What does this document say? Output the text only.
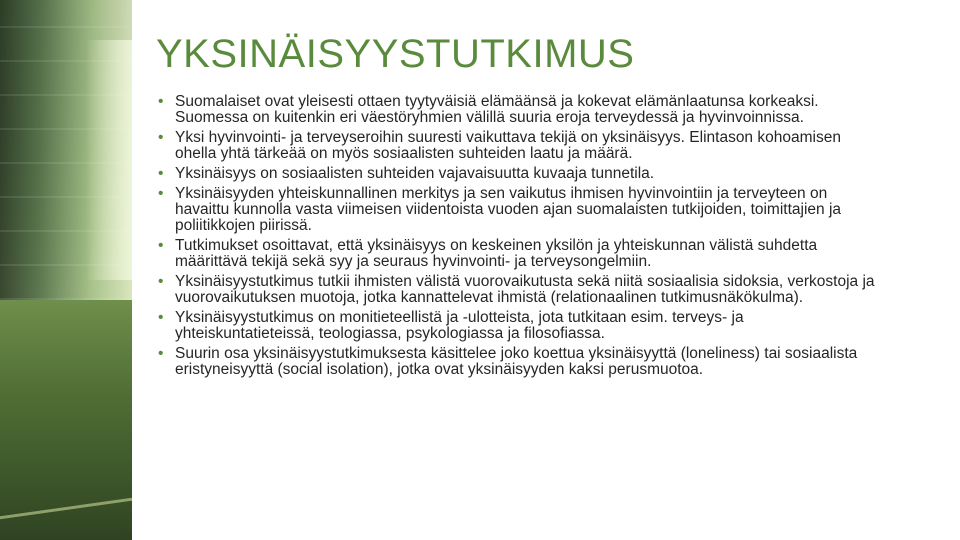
YKSINÄISYYSTUTKIMUS
• Suomalaiset ovat yleisesti ottaen tyytyväisiä elämäänsä ja kokevat elämänlaatunsa korkeaksi. Suomessa on kuitenkin eri väestöryhmien välillä suuria eroja terveydessä ja hyvinvoinnissa.
• Yksi hyvinvointi- ja terveyseroihin suuresti vaikuttava tekijä on yksinäisyys. Elintason kohoamisen ohella yhtä tärkeää on myös sosiaalisten suhteiden laatu ja määrä.
• Yksinäisyys on sosiaalisten suhteiden vajavaisuutta kuvaaja tunnetila.
• Yksinäisyyden yhteiskunnallinen merkitys ja sen vaikutus ihmisen hyvinvointiin ja terveyteen on havaittu kunnolla vasta viimeisen viidentoista vuoden ajan suomalaisten tutkijoiden, toimittajien ja poliitikkojen piirissä.
• Tutkimukset osoittavat, että yksinäisyys on keskeinen yksilön ja yhteiskunnan välistä suhdetta määrittävä tekijä sekä syy ja seuraus hyvinvointi- ja terveysongelmiin.
• Yksinäisyystutkimus tutkii ihmisten välistä vuorovaikutusta sekä niitä sosiaalisia sidoksia, verkostoja ja vuorovaikutuksen muotoja, jotka kannattelevat ihmistä (relationaalinen tutkimusnäkökulma).
• Yksinäisyystutkimus on monitieteellistä ja -ulotteista, jota tutkitaan esim. terveys- ja yhteiskuntatieteissä, teologiassa, psykologiassa ja filosofiassa.
• Suurin osa yksinäisyystutkimuksesta käsittelee joko koettua yksinäisyyttä (loneliness) tai sosiaalista eristyneisyyttä (social isolation), jotka ovat yksinäisyyden kaksi perusmuotoa.
